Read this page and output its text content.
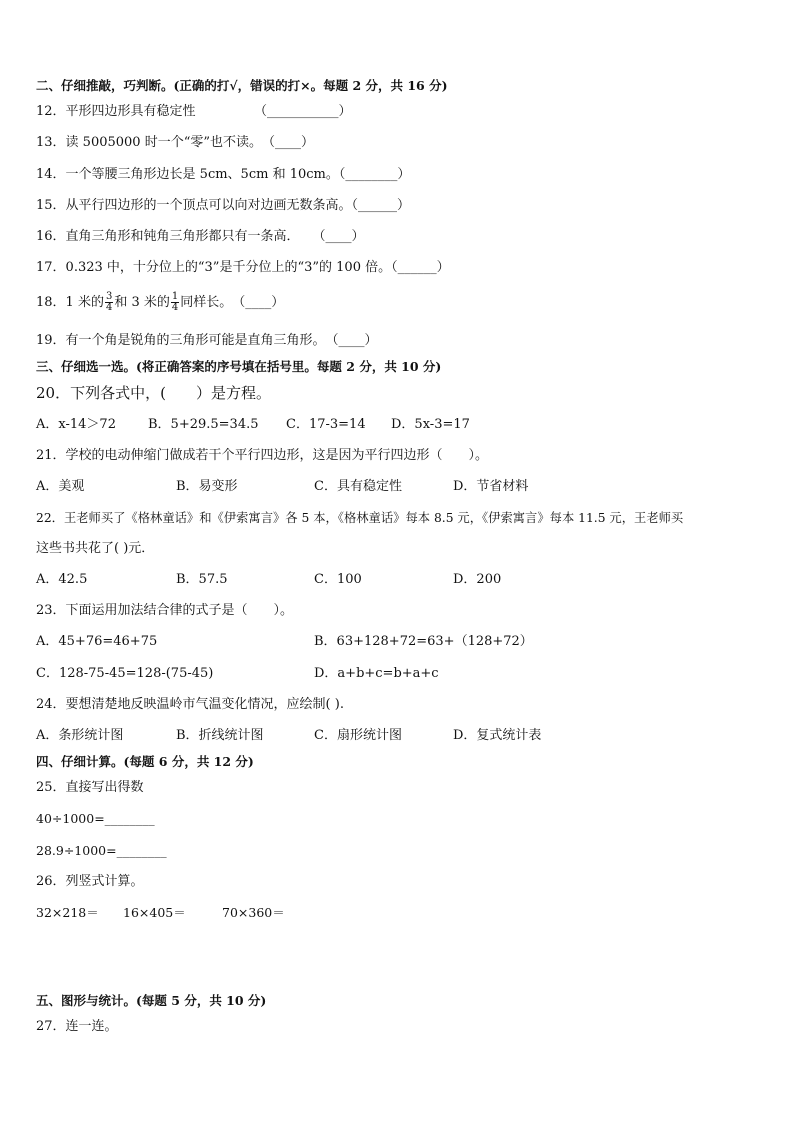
二、仔细推敲，巧判断。(正确的打√，错误的打×。每题 2 分，共 16 分)
12．平形四边形具有稳定性　　　　　（___________）
13．读 5005000 时一个“零”也不读。　（____）
14．一个等腰三角形边长是 5cm、5cm 和 10cm。（________）
15．从平行四边形的一个顶点可以向对边画无数条高。（______）
16．直角三角形和钝角三角形都只有一条高．　　（____）
17．0.323 中，十分位上的“3”是千分位上的“3”的 100 倍。（______）
18．1 米的 $\frac{3}{4}$ 和 3 米的 $\frac{1}{4}$ 同样长。　（____）
19．有一个角是锐角的三角形可能是直角三角形。　（____）
三、仔细选一选。(将正确答案的序号填在括号里。每题 2 分，共 10 分)
20．下列各式中，(　　）是方程。
A．x-14＞72 B．5+29.5=34.5 C．17-3=14 D．5x-3=17
21．学校的电动伸缩门做成若干个平行四边形，这是因为平行四边形（　　）。
A．美观	B．易变形	C．具有稳定性	D．节省材料
22．王老师买了《格林童话》和《伊索寓言》各 5 本，《格林童话》每本 8.5 元，《伊索寓言》每本 11.5 元，王老师买
这些书共花了( )元．
A．42.5	B．57.5	C．100	D．200
23．下面运用加法结合律的式子是（　　）。
A．45+76=46+75	B．63+128+72=63+（128+72）
C．128-75-45=128-(75-45)	D．a+b+c=b+a+c
24．要想清楚地反映温岭市气温变化情况，应绘制( ).
A．条形统计图	B．折线统计图	C．扇形统计图	D．复式统计表
四、仔细计算。(每题 6 分，共 12 分)
25．直接写出得数
40÷1000=________
28.9÷1000=________
26．列竖式计算。
32×218＝ 16×405＝	70×360＝
五、图形与统计。(每题 5 分，共 10 分)
27．连一连。
